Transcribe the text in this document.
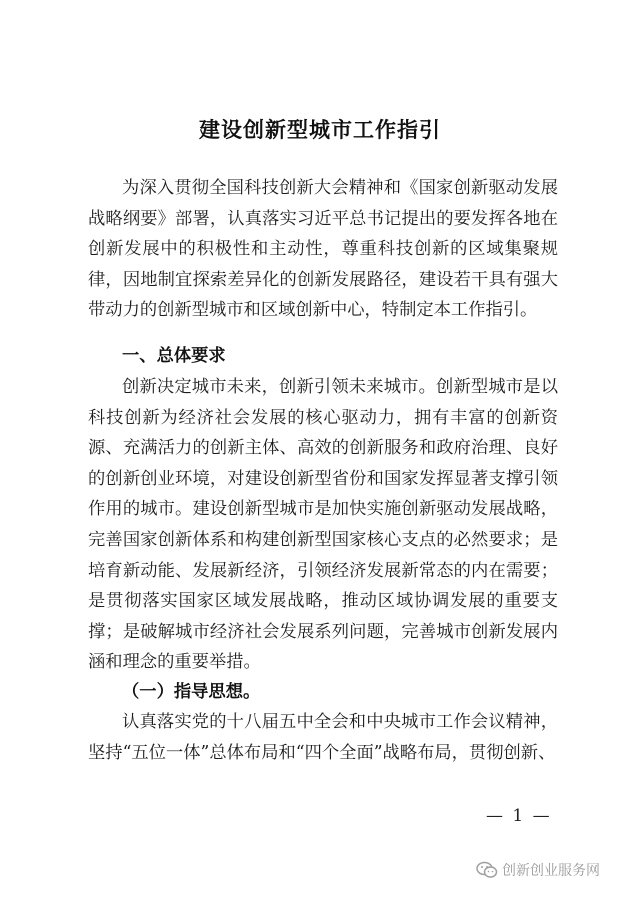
建设创新型城市工作指引

为深入贯彻全国科技创新大会精神和《国家创新驱动发展战略纲要》部署，认真落实习近平总书记提出的要发挥各地在创新发展中的积极性和主动性，尊重科技创新的区域集聚规律，因地制宜探索差异化的创新发展路径，建设若干具有强大带动力的创新型城市和区域创新中心，特制定本工作指引。

一、总体要求

创新决定城市未来，创新引领未来城市。创新型城市是以科技创新为经济社会发展的核心驱动力，拥有丰富的创新资源、充满活力的创新主体、高效的创新服务和政府治理、良好的创新创业环境，对建设创新型省份和国家发挥显著支撑引领作用的城市。建设创新型城市是加快实施创新驱动发展战略，完善国家创新体系和构建创新型国家核心支点的必然要求；是培育新动能、发展新经济，引领经济发展新常态的内在需要；是贯彻落实国家区域发展战略，推动区域协调发展的重要支撑；是破解城市经济社会发展系列问题，完善城市创新发展内涵和理念的重要举措。

（一）指导思想。

认真落实党的十八届五中全会和中央城市工作会议精神，坚持“五位一体”总体布局和“四个全面”战略布局，贯彻创新、

— 1 —
创新创业服务网
